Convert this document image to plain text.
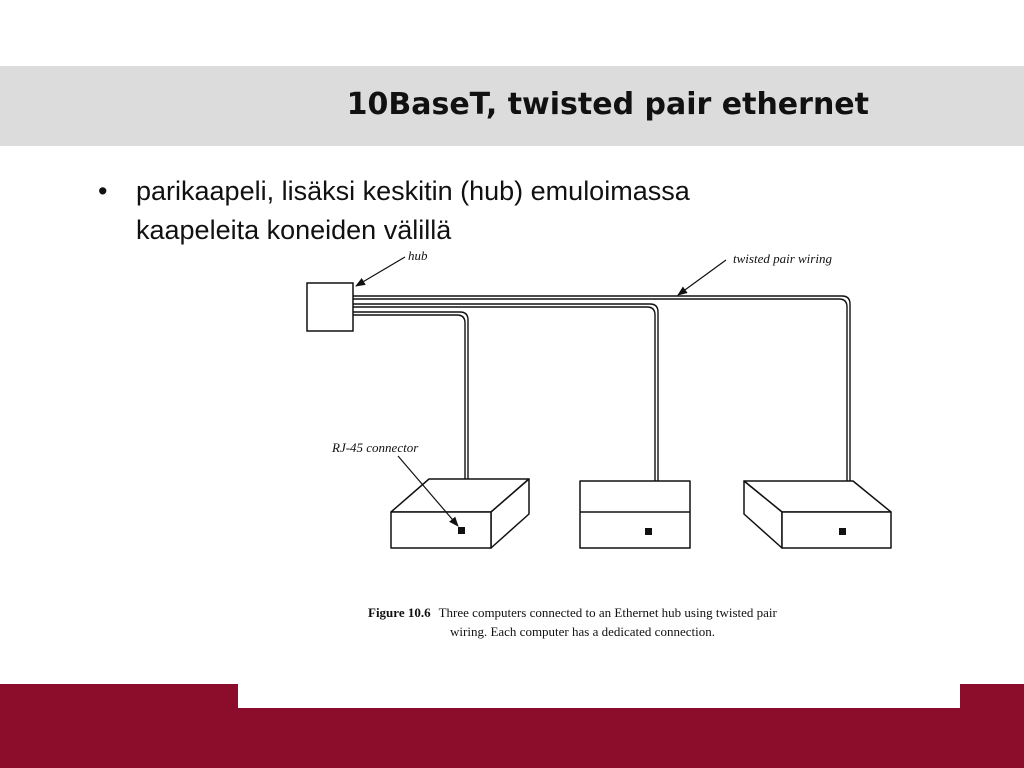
10BaseT, twisted pair ethernet
• parikaapeli, lisäksi keskitin (hub) emuloimassa
kaapeleita koneiden välillä
hub	twisted pair wiring
RJ-45 connector
Figure 10.6 Three computers connected to an Ethernet hub using twisted pair
wiring. Each computer has a dedicated connection.
